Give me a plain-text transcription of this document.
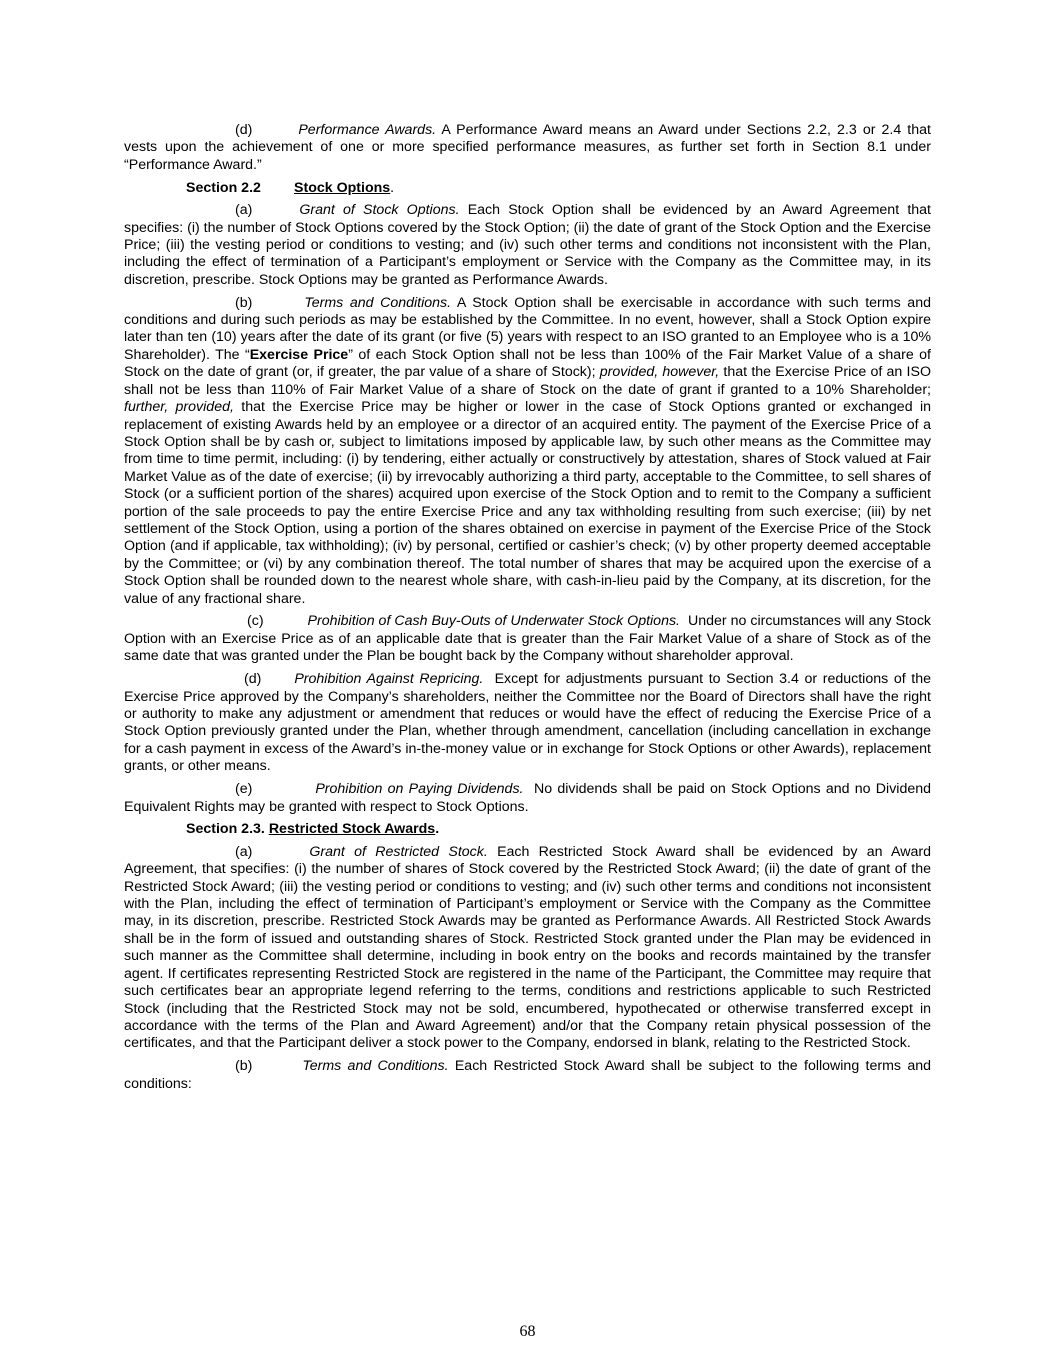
(d)	Performance Awards. A Performance Award means an Award under Sections 2.2, 2.3 or 2.4 that vests upon the achievement of one or more specified performance measures, as further set forth in Section 8.1 under “Performance Award.”

Section 2.2 Stock Options.

(a)	Grant of Stock Options. Each Stock Option shall be evidenced by an Award Agreement that specifies: (i) the number of Stock Options covered by the Stock Option; (ii) the date of grant of the Stock Option and the Exercise Price; (iii) the vesting period or conditions to vesting; and (iv) such other terms and conditions not inconsistent with the Plan, including the effect of termination of a Participant’s employment or Service with the Company as the Committee may, in its discretion, prescribe. Stock Options may be granted as Performance Awards.

(b)	Terms and Conditions. A Stock Option shall be exercisable in accordance with such terms and conditions and during such periods as may be established by the Committee. In no event, however, shall a Stock Option expire later than ten (10) years after the date of its grant (or five (5) years with respect to an ISO granted to an Employee who is a 10% Shareholder). The “Exercise Price” of each Stock Option shall not be less than 100% of the Fair Market Value of a share of Stock on the date of grant (or, if greater, the par value of a share of Stock); provided, however, that the Exercise Price of an ISO shall not be less than 110% of Fair Market Value of a share of Stock on the date of grant if granted to a 10% Shareholder; further, provided, that the Exercise Price may be higher or lower in the case of Stock Options granted or exchanged in replacement of existing Awards held by an employee or a director of an acquired entity. The payment of the Exercise Price of a Stock Option shall be by cash or, subject to limitations imposed by applicable law, by such other means as the Committee may from time to time permit, including: (i) by tendering, either actually or constructively by attestation, shares of Stock valued at Fair Market Value as of the date of exercise; (ii) by irrevocably authorizing a third party, acceptable to the Committee, to sell shares of Stock (or a sufficient portion of the shares) acquired upon exercise of the Stock Option and to remit to the Company a sufficient portion of the sale proceeds to pay the entire Exercise Price and any tax withholding resulting from such exercise; (iii) by net settlement of the Stock Option, using a portion of the shares obtained on exercise in payment of the Exercise Price of the Stock Option (and if applicable, tax withholding); (iv) by personal, certified or cashier’s check; (v) by other property deemed acceptable by the Committee; or (vi) by any combination thereof. The total number of shares that may be acquired upon the exercise of a Stock Option shall be rounded down to the nearest whole share, with cash-in-lieu paid by the Company, at its discretion, for the value of any fractional share.

(c)	Prohibition of Cash Buy-Outs of Underwater Stock Options. Under no circumstances will any Stock Option with an Exercise Price as of an applicable date that is greater than the Fair Market Value of a share of Stock as of the same date that was granted under the Plan be bought back by the Company without shareholder approval.

(d) Prohibition Against Repricing. Except for adjustments pursuant to Section 3.4 or reductions of the Exercise Price approved by the Company’s shareholders, neither the Committee nor the Board of Directors shall have the right or authority to make any adjustment or amendment that reduces or would have the effect of reducing the Exercise Price of a Stock Option previously granted under the Plan, whether through amendment, cancellation (including cancellation in exchange for a cash payment in excess of the Award’s in-the-money value or in exchange for Stock Options or other Awards), replacement grants, or other means.

(e)	Prohibition on Paying Dividends. No dividends shall be paid on Stock Options and no Dividend Equivalent Rights may be granted with respect to Stock Options.

Section 2.3. Restricted Stock Awards.

(a)	Grant of Restricted Stock. Each Restricted Stock Award shall be evidenced by an Award Agreement, that specifies: (i) the number of shares of Stock covered by the Restricted Stock Award; (ii) the date of grant of the Restricted Stock Award; (iii) the vesting period or conditions to vesting; and (iv) such other terms and conditions not inconsistent with the Plan, including the effect of termination of Participant’s employment or Service with the Company as the Committee may, in its discretion, prescribe. Restricted Stock Awards may be granted as Performance Awards. All Restricted Stock Awards shall be in the form of issued and outstanding shares of Stock. Restricted Stock granted under the Plan may be evidenced in such manner as the Committee shall determine, including in book entry on the books and records maintained by the transfer agent. If certificates representing Restricted Stock are registered in the name of the Participant, the Committee may require that such certificates bear an appropriate legend referring to the terms, conditions and restrictions applicable to such Restricted Stock (including that the Restricted Stock may not be sold, encumbered, hypothecated or otherwise transferred except in accordance with the terms of the Plan and Award Agreement) and/or that the Company retain physical possession of the certificates, and that the Participant deliver a stock power to the Company, endorsed in blank, relating to the Restricted Stock.

(b)	Terms and Conditions. Each Restricted Stock Award shall be subject to the following terms and conditions:

68
